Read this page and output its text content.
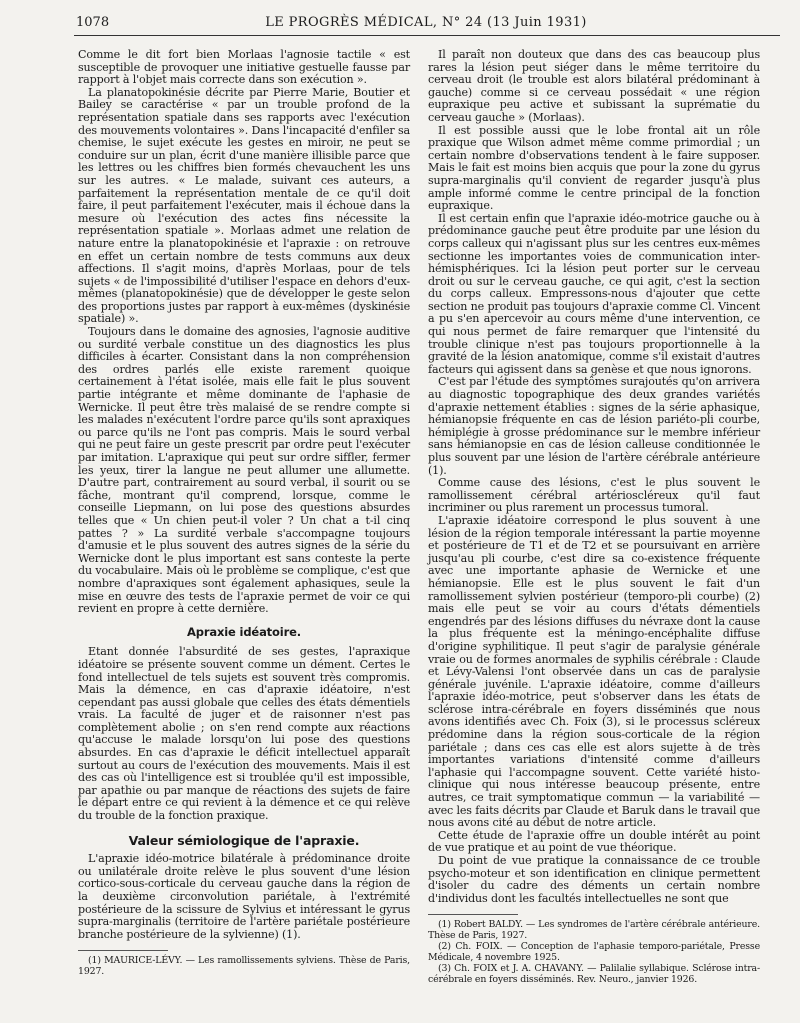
1078	LE PROGRÈS MÉDICAL, N° 24 (13 Juin 1931)

Comme le dit fort bien Morlaas l'agnosie tactile « est susceptible de provoquer une initiative gestuelle fausse par rapport à l'objet mais correcte dans son exécution ».

La planatopokinésie décrite par Pierre Marie, Boutier et Bailey se caractérise « par un trouble profond de la représentation spatiale dans ses rapports avec l'exécution des mouvements volontaires ». Dans l'incapacité d'enfiler sa chemise, le sujet exécute les gestes en miroir, ne peut se conduire sur un plan, écrit d'une manière illisible parce que les lettres ou les chiffres bien formés chevauchent les uns sur les autres. « Le malade, suivant ces auteurs, a parfaitement la représentation mentale de ce qu'il doit faire, il peut parfaitement l'exécuter, mais il échoue dans la mesure où l'exécution des actes fins nécessite la représentation spatiale ». Morlaas admet une relation de nature entre la planatopokinésie et l'apraxie : on retrouve en effet un certain nombre de tests communs aux deux affections. Il s'agit moins, d'après Morlaas, pour de tels sujets « de l'impossibilité d'utiliser l'espace en dehors d'eux-mêmes (planatopokinésie) que de développer le geste selon des proportions justes par rapport à eux-mêmes (dyskinésie spatiale) ».

Toujours dans le domaine des agnosies, l'agnosie auditive ou surdité verbale constitue un des diagnostics les plus difficiles à écarter. Consistant dans la non compréhension des ordres parlés elle existe rarement quoique certainement à l'état isolée, mais elle fait le plus souvent partie intégrante et même dominante de l'aphasie de Wernicke. Il peut être très malaisé de se rendre compte si les malades n'exécutent l'ordre parce qu'ils sont apraxiques ou parce qu'ils ne l'ont pas compris. Mais le sourd verbal qui ne peut faire un geste prescrit par ordre peut l'exécuter par imitation. L'apraxique qui peut sur ordre siffler, fermer les yeux, tirer la langue ne peut allumer une allumette. D'autre part, contrairement au sourd verbal, il sourit ou se fâche, montrant qu'il comprend, lorsque, comme le conseille Liepmann, on lui pose des questions absurdes telles que « Un chien peut-il voler ? Un chat a t-il cinq pattes ? » La surdité verbale s'accompagne toujours d'amusie et le plus souvent des autres signes de la série du Wernicke dont le plus important est sans conteste la perte du vocabulaire. Mais où le problème se complique, c'est que nombre d'apraxiques sont également aphasiques, seule la mise en œuvre des tests de l'apraxie permet de voir ce qui revient en propre à cette dernière.

Apraxie idéatoire.

Etant donnée l'absurdité de ses gestes, l'apraxique idéatoire se présente souvent comme un dément. Certes le fond intellectuel de tels sujets est souvent très compromis. Mais la démence, en cas d'apraxie idéatoire, n'est cependant pas aussi globale que celles des états démentiels vrais. La faculté de juger et de raisonner n'est pas complètement abolie ; on s'en rend compte aux réactions qu'accuse le malade lorsqu'on lui pose des questions absurdes. En cas d'apraxie le déficit intellectuel apparaît surtout au cours de l'exécution des mouvements. Mais il est des cas où l'intelligence est si troublée qu'il est impossible, par apathie ou par manque de réactions des sujets de faire le départ entre ce qui revient à la démence et ce qui relève du trouble de la fonction praxique.

Valeur sémiologique de l'apraxie.

L'apraxie idéo-motrice bilatérale à prédominance droite ou unilatérale droite relève le plus souvent d'une lésion cortico-sous-corticale du cerveau gauche dans la région de la deuxième circonvolution pariétale, à l'extrémité postérieure de la scissure de Sylvius et intéressant le gyrus supra-marginalis (territoire de l'artère pariétale postérieure branche postérieure de la sylvienne) (1).

(1) MAURICE-LÉVY. — Les ramollissements sylviens. Thèse de Paris, 1927.

Il paraît non douteux que dans des cas beaucoup plus rares la lésion peut siéger dans le même territoire du cerveau droit (le trouble est alors bilatéral prédominant à gauche) comme si ce cerveau possédait « une région eupraxique peu active et subissant la suprématie du cerveau gauche » (Morlaas).

Il est possible aussi que le lobe frontal ait un rôle praxique que Wilson admet même comme primordial ; un certain nombre d'observations tendent à le faire supposer. Mais le fait est moins bien acquis que pour la zone du gyrus supra-marginalis qu'il convient de regarder jusqu'à plus ample informé comme le centre principal de la fonction eupraxique.

Il est certain enfin que l'apraxie idéo-motrice gauche ou à prédominance gauche peut être produite par une lésion du corps calleux qui n'agissant plus sur les centres eux-mêmes sectionne les importantes voies de communication inter-hémisphériques. Ici la lésion peut porter sur le cerveau droit ou sur le cerveau gauche, ce qui agit, c'est la section du corps calleux. Empressons-nous d'ajouter que cette section ne produit pas toujours d'apraxie comme Cl. Vincent a pu s'en apercevoir au cours même d'une intervention, ce qui nous permet de faire remarquer que l'intensité du trouble clinique n'est pas toujours proportionnelle à la gravité de la lésion anatomique, comme s'il existait d'autres facteurs qui agissent dans sa genèse et que nous ignorons.

C'est par l'étude des symptômes surajoutés qu'on arrivera au diagnostic topographique des deux grandes variétés d'apraxie nettement établies : signes de la série aphasique, hémianopsie fréquente en cas de lésion pariéto-pli courbe, hémiplégie à grosse prédominance sur le membre inférieur sans hémianopsie en cas de lésion calleuse conditionnée le plus souvent par une lésion de l'artère cérébrale antérieure (1).

Comme cause des lésions, c'est le plus souvent le ramollissement cérébral artérioscléreux qu'il faut incriminer ou plus rarement un processus tumoral.

L'apraxie idéatoire correspond le plus souvent à une lésion de la région temporale intéressant la partie moyenne et postérieure de T1 et de T2 et se poursuivant en arrière jusqu'au pli courbe, c'est dire sa co-existence fréquente avec une importante aphasie de Wernicke et une hémianopsie. Elle est le plus souvent le fait d'un ramollissement sylvien postérieur (temporo-pli courbe) (2) mais elle peut se voir au cours d'états démentiels engendrés par des lésions diffuses du névraxe dont la cause la plus fréquente est la méningo-encéphalite diffuse d'origine syphilitique. Il peut s'agir de paralysie générale vraie ou de formes anormales de syphilis cérébrale : Claude et Lévy-Valensi l'ont observée dans un cas de paralysie générale juvénile. L'apraxie idéatoire, comme d'ailleurs l'apraxie idéo-motrice, peut s'observer dans les états de sclérose intra-cérébrale en foyers disséminés que nous avons identifiés avec Ch. Foix (3), si le processus scléreux prédomine dans la région sous-corticale de la région pariétale ; dans ces cas elle est alors sujette à de très importantes variations d'intensité comme d'ailleurs l'aphasie qui l'accompagne souvent. Cette variété histo-clinique qui nous intéresse beaucoup présente, entre autres, ce trait symptomatique commun — la variabilité — avec les faits décrits par Claude et Baruk dans le travail que nous avons cité au début de notre article.

Cette étude de l'apraxie offre un double intérêt au point de vue pratique et au point de vue théorique.

Du point de vue pratique la connaissance de ce trouble psycho-moteur et son identification en clinique permettent d'isoler du cadre des déments un certain nombre d'individus dont les facultés intellectuelles ne sont que

(1) Robert BALDY. — Les syndromes de l'artère cérébrale antérieure. Thèse de Paris, 1927.

(2) Ch. FOIX. — Conception de l'aphasie temporo-pariétale, Presse Médicale, 4 novembre 1925.

(3) Ch. FOIX et J. A. CHAVANY. — Palilalie syllabique. Sclérose intra-cérébrale en foyers disséminés. Rev. Neuro., janvier 1926.
